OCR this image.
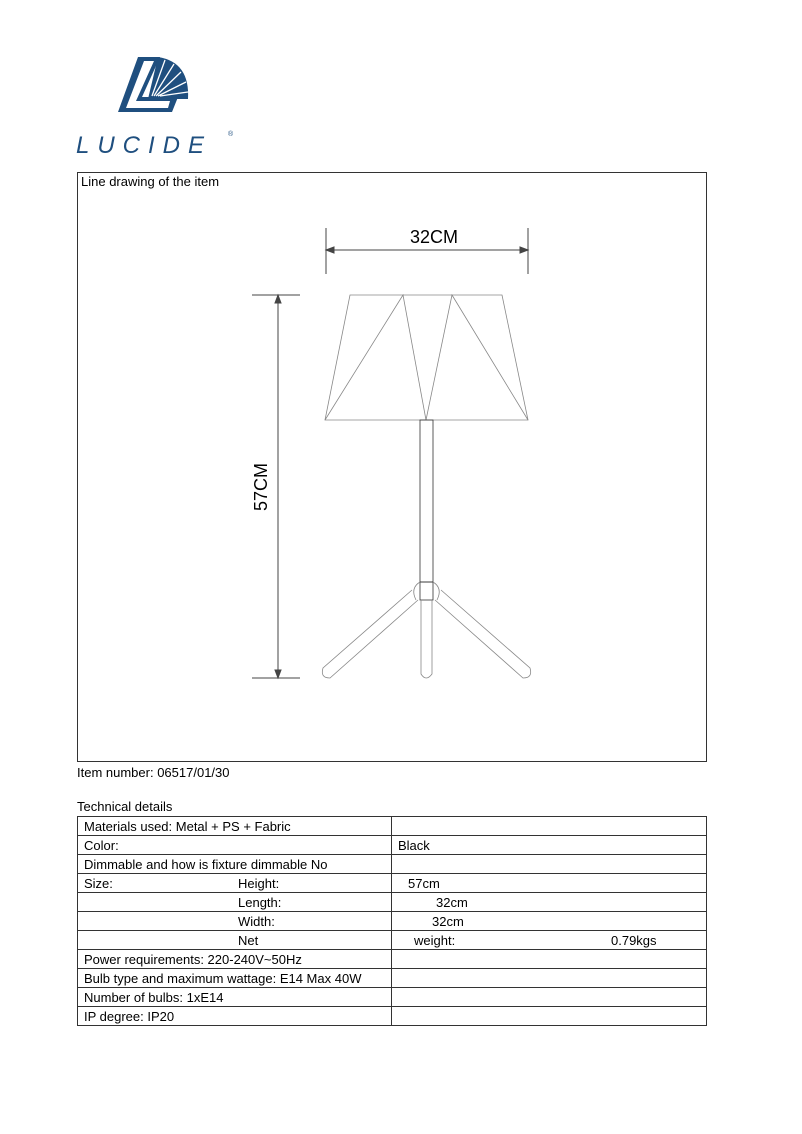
LUCIDE ®
Line drawing of the item
32CM
57CM
Item number: 06517/01/30
Technical details
Materials used: Metal + PS + Fabric	
Color:	Black
Dimmable and how is fixture dimmable No	
Size: Height:	57cm
Length:	32cm
Width:	32cm
Net	weight: 0.79kgs
Power requirements: 220-240V~50Hz	
Bulb type and maximum wattage: E14 Max 40W	
Number of bulbs: 1xE14	
IP degree: IP20	
